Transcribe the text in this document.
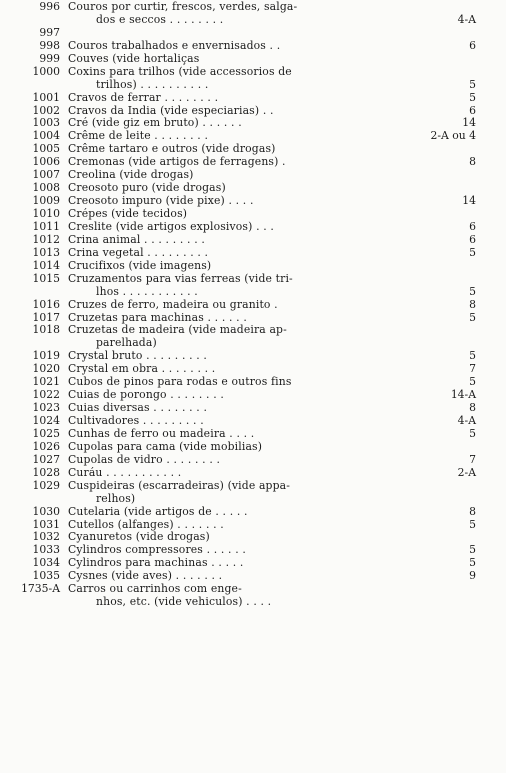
996 Couros por curtir, frescos, verdes, salga-
dos e seccos . . . . . . . .	4-A
997
998 Couros trabalhados e envernisados . .	6
999 Couves (vide hortaliças
1000 Coxins para trilhos (vide accessorios de
trilhos) . . . . . . . . . .	5
1001 Cravos de ferrar . . . . . . . .	5
1002 Cravos da India (vide especiarias) . .	6
1003 Cré (vide giz em bruto) . . . . . .	14
1004 Crême de leite . . . . . . . .	2-A ou 4
1005 Crême tartaro e outros (vide drogas)
1006 Cremonas (vide artigos de ferragens) .	8
1007 Creolina (vide drogas)
1008 Creosoto puro (vide drogas)
1009 Creosoto impuro (vide pixe) . . . .	14
1010 Crépes (vide tecidos)
1011 Creslite (vide artigos explosivos) . . .	6
1012 Crina animal . . . . . . . . .	6
1013 Crina vegetal . . . . . . . . .	5
1014 Crucifixos (vide imagens)
1015 Cruzamentos para vias ferreas (vide tri-
lhos . . . . . . . . . . .	5
1016 Cruzes de ferro, madeira ou granito .	8
1017 Cruzetas para machinas . . . . . .	5
1018 Cruzetas de madeira (vide madeira ap-
parelhada)
1019 Crystal bruto . . . . . . . . .	5
1020 Crystal em obra . . . . . . . .	7
1021 Cubos de pinos para rodas e outros fins	5
1022 Cuias de porongo . . . . . . . .	14-A
1023 Cuias diversas . . . . . . . .	8
1024 Cultivadores . . . . . . . . .	4-A
1025 Cunhas de ferro ou madeira . . . .	5
1026 Cupolas para cama (vide mobilias)
1027 Cupolas de vidro . . . . . . . .	7
1028 Curáu . . . . . . . . . . .	2-A
1029 Cuspideiras (escarradeiras) (vide appa-
relhos)
1030 Cutelaria (vide artigos de . . . . .	8
1031 Cutellos (alfanges) . . . . . . .	5
1032 Cyanuretos (vide drogas)
1033 Cylindros compressores . . . . . .	5
1034 Cylindros para machinas . . . . .	5
1035 Cysnes (vide aves) . . . . . . .	9
1735-A Carros ou carrinhos com enge-
nhos, etc. (vide vehiculos) . . . .
